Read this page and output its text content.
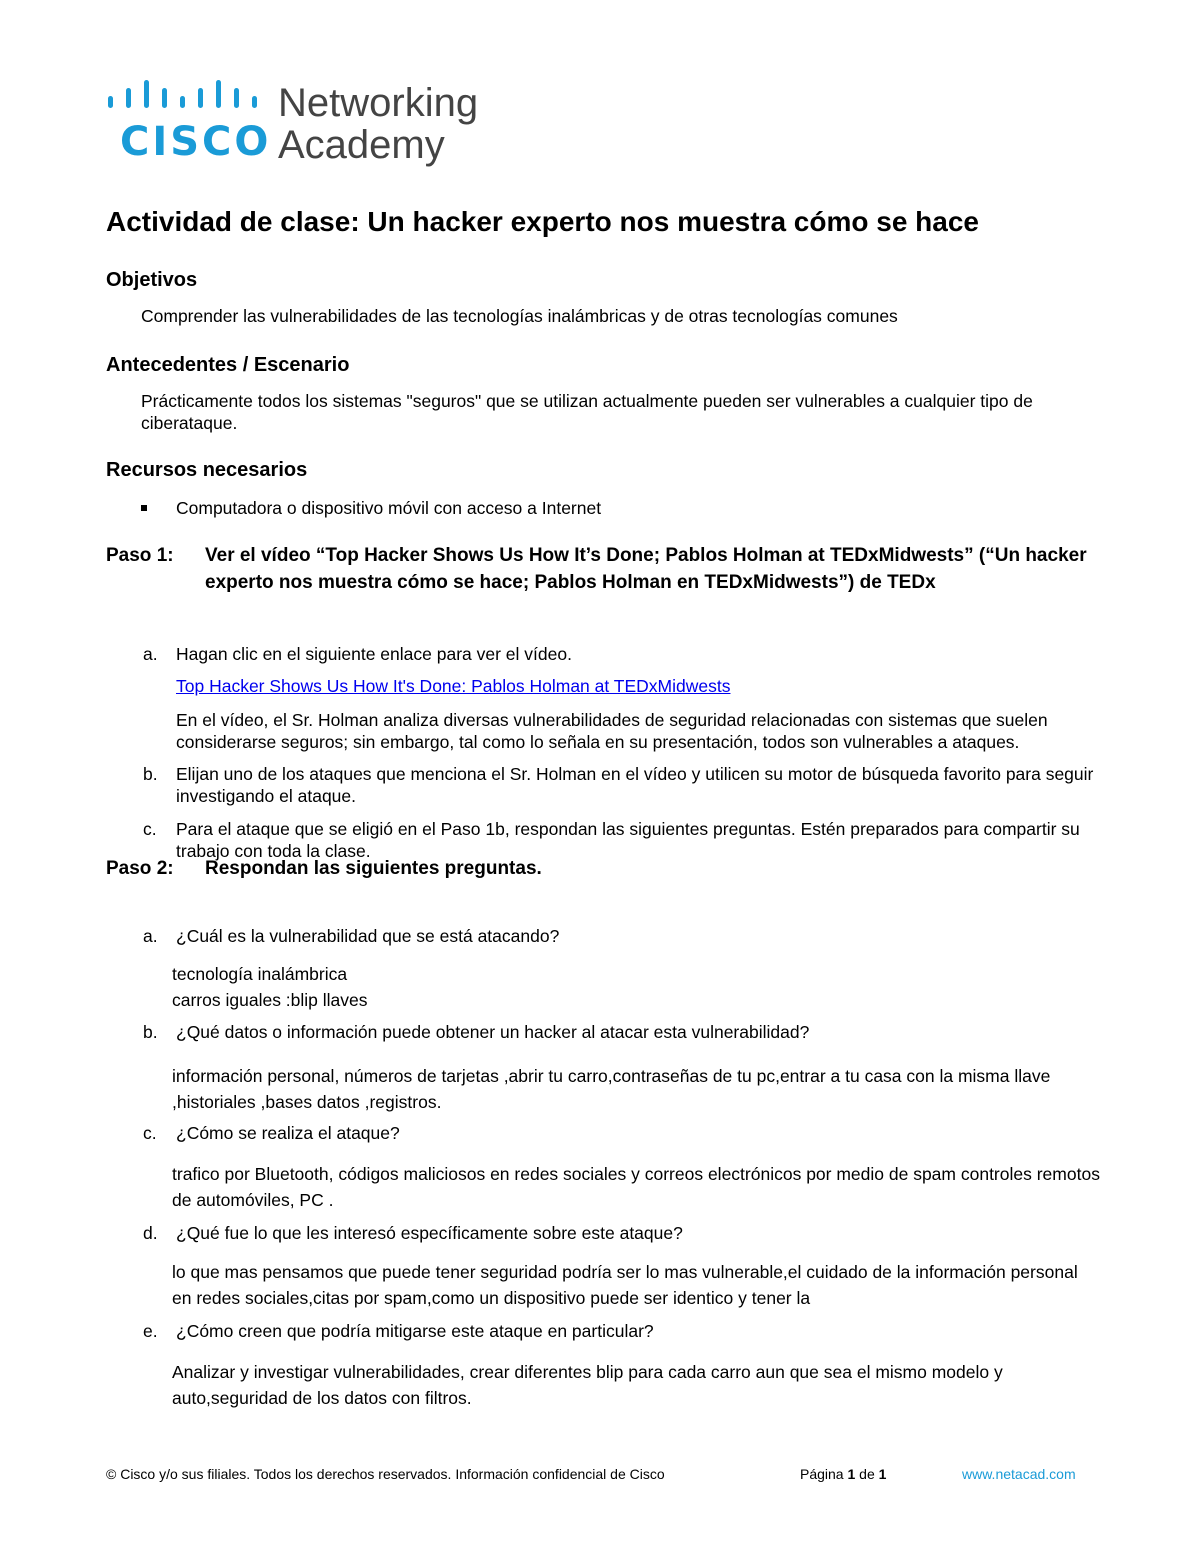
CISCO
Networking
Academy
Actividad de clase: Un hacker experto nos muestra cómo se hace
Objetivos
Comprender las vulnerabilidades de las tecnologías inalámbricas y de otras tecnologías comunes
Antecedentes / Escenario
Prácticamente todos los sistemas "seguros" que se utilizan actualmente pueden ser vulnerables a cualquier tipo de ciberataque.
Recursos necesarios
Computadora o dispositivo móvil con acceso a Internet
Paso 1: Ver el vídeo “Top Hacker Shows Us How It’s Done; Pablos Holman at TEDxMidwests” (“Un hacker experto nos muestra cómo se hace; Pablos Holman en TEDxMidwests”) de TEDx
a. Hagan clic en el siguiente enlace para ver el vídeo.
Top Hacker Shows Us How It's Done: Pablos Holman at TEDxMidwests
En el vídeo, el Sr. Holman analiza diversas vulnerabilidades de seguridad relacionadas con sistemas que suelen considerarse seguros; sin embargo, tal como lo señala en su presentación, todos son vulnerables a ataques.
b. Elijan uno de los ataques que menciona el Sr. Holman en el vídeo y utilicen su motor de búsqueda favorito para seguir investigando el ataque.
c. Para el ataque que se eligió en el Paso 1b, respondan las siguientes preguntas. Estén preparados para compartir su trabajo con toda la clase.
Paso 2: Respondan las siguientes preguntas.
a. ¿Cuál es la vulnerabilidad que se está atacando?
tecnología inalámbrica
carros iguales :blip llaves
b. ¿Qué datos o información puede obtener un hacker al atacar esta vulnerabilidad?
información personal, números de tarjetas ,abrir tu carro,contraseñas de tu pc,entrar a tu casa con la misma llave ,historiales ,bases datos ,registros.
c. ¿Cómo se realiza el ataque?
trafico por Bluetooth, códigos maliciosos en redes sociales y correos electrónicos por medio de spam controles remotos de automóviles, PC .
d. ¿Qué fue lo que les interesó específicamente sobre este ataque?
lo que mas pensamos que puede tener seguridad podría ser lo mas vulnerable,el cuidado de la información personal en redes sociales,citas por spam,como un dispositivo puede ser identico y tener la
e. ¿Cómo creen que podría mitigarse este ataque en particular?
Analizar y investigar vulnerabilidades, crear diferentes blip para cada carro aun que sea el mismo modelo y auto,seguridad de los datos con filtros.
© Cisco y/o sus filiales. Todos los derechos reservados. Información confidencial de Cisco	Página 1 de 1	www.netacad.com
